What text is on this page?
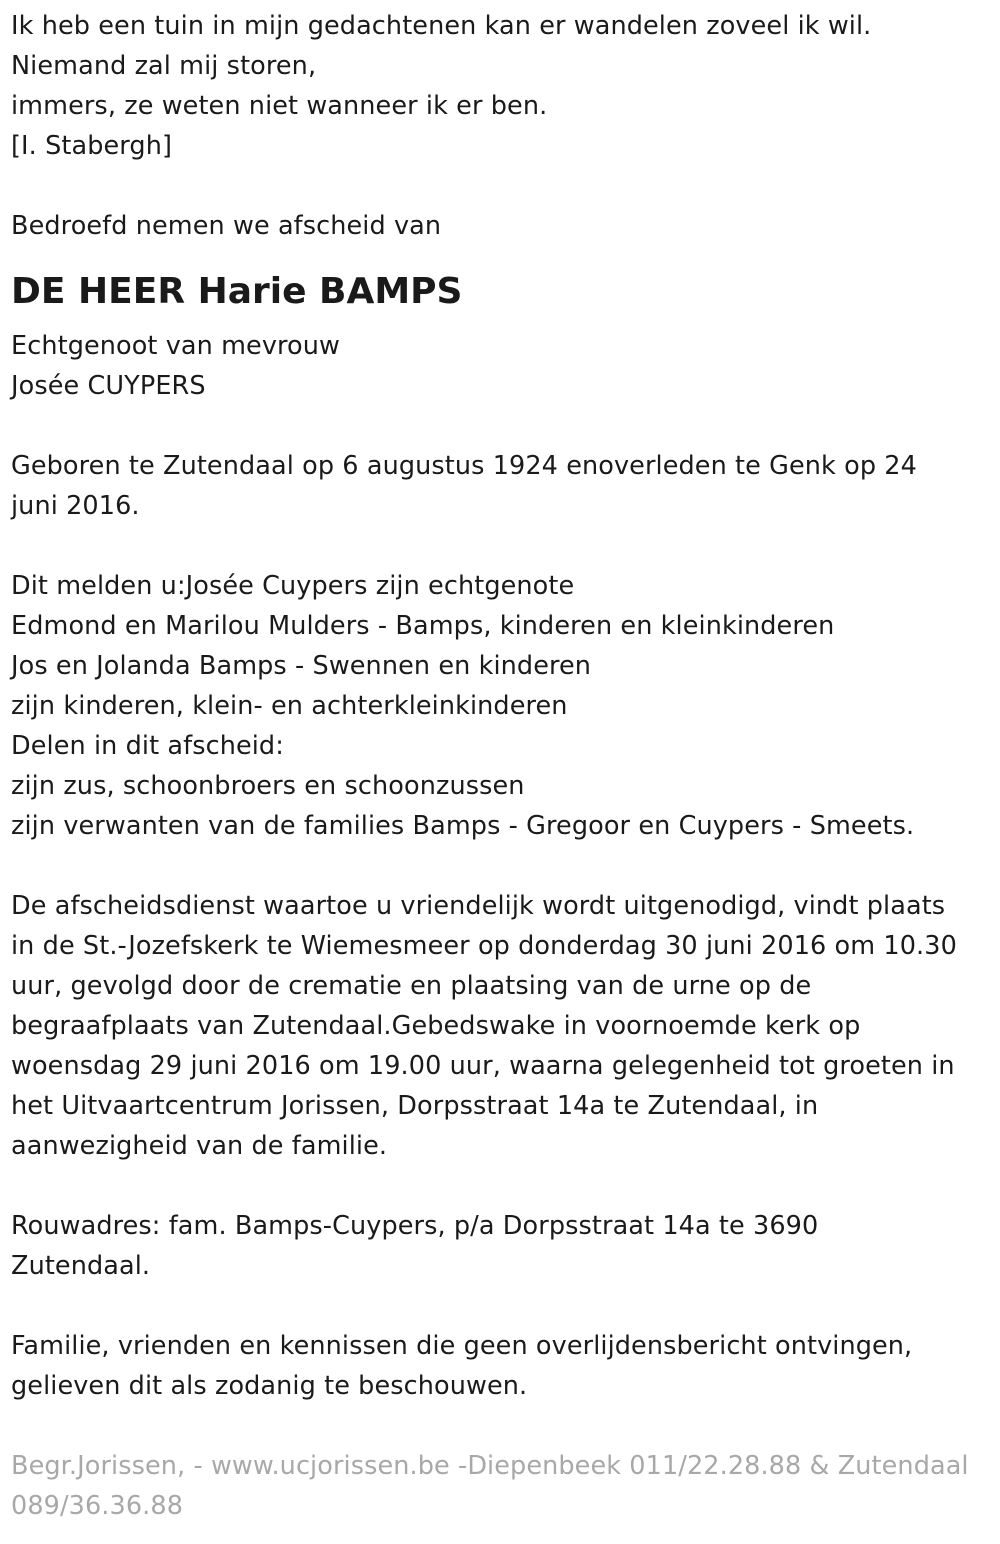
Ik heb een tuin in mijn gedachtenen kan er wandelen zoveel ik wil.
Niemand zal mij storen,
immers, ze weten niet wanneer ik er ben.
[I. Stabergh]
Bedroefd nemen we afscheid van
DE HEER Harie BAMPS
Echtgenoot van mevrouw
Josée CUYPERS
Geboren te Zutendaal op 6 augustus 1924 enoverleden te Genk op 24
juni 2016.
Dit melden u:Josée Cuypers zijn echtgenote
Edmond en Marilou Mulders - Bamps, kinderen en kleinkinderen
Jos en Jolanda Bamps - Swennen en kinderen
zijn kinderen, klein- en achterkleinkinderen
Delen in dit afscheid:
zijn zus, schoonbroers en schoonzussen
zijn verwanten van de families Bamps - Gregoor en Cuypers - Smeets.
De afscheidsdienst waartoe u vriendelijk wordt uitgenodigd, vindt plaats
in de St.-Jozefskerk te Wiemesmeer op donderdag 30 juni 2016 om 10.30
uur, gevolgd door de crematie en plaatsing van de urne op de
begraafplaats van Zutendaal.Gebedswake in voornoemde kerk op
woensdag 29 juni 2016 om 19.00 uur, waarna gelegenheid tot groeten in
het Uitvaartcentrum Jorissen, Dorpsstraat 14a te Zutendaal, in
aanwezigheid van de familie.
Rouwadres: fam. Bamps-Cuypers, p/a Dorpsstraat 14a te 3690
Zutendaal.
Familie, vrienden en kennissen die geen overlijdensbericht ontvingen,
gelieven dit als zodanig te beschouwen.
Begr.Jorissen, - www.ucjorissen.be -Diepenbeek 011/22.28.88 & Zutendaal
089/36.36.88
